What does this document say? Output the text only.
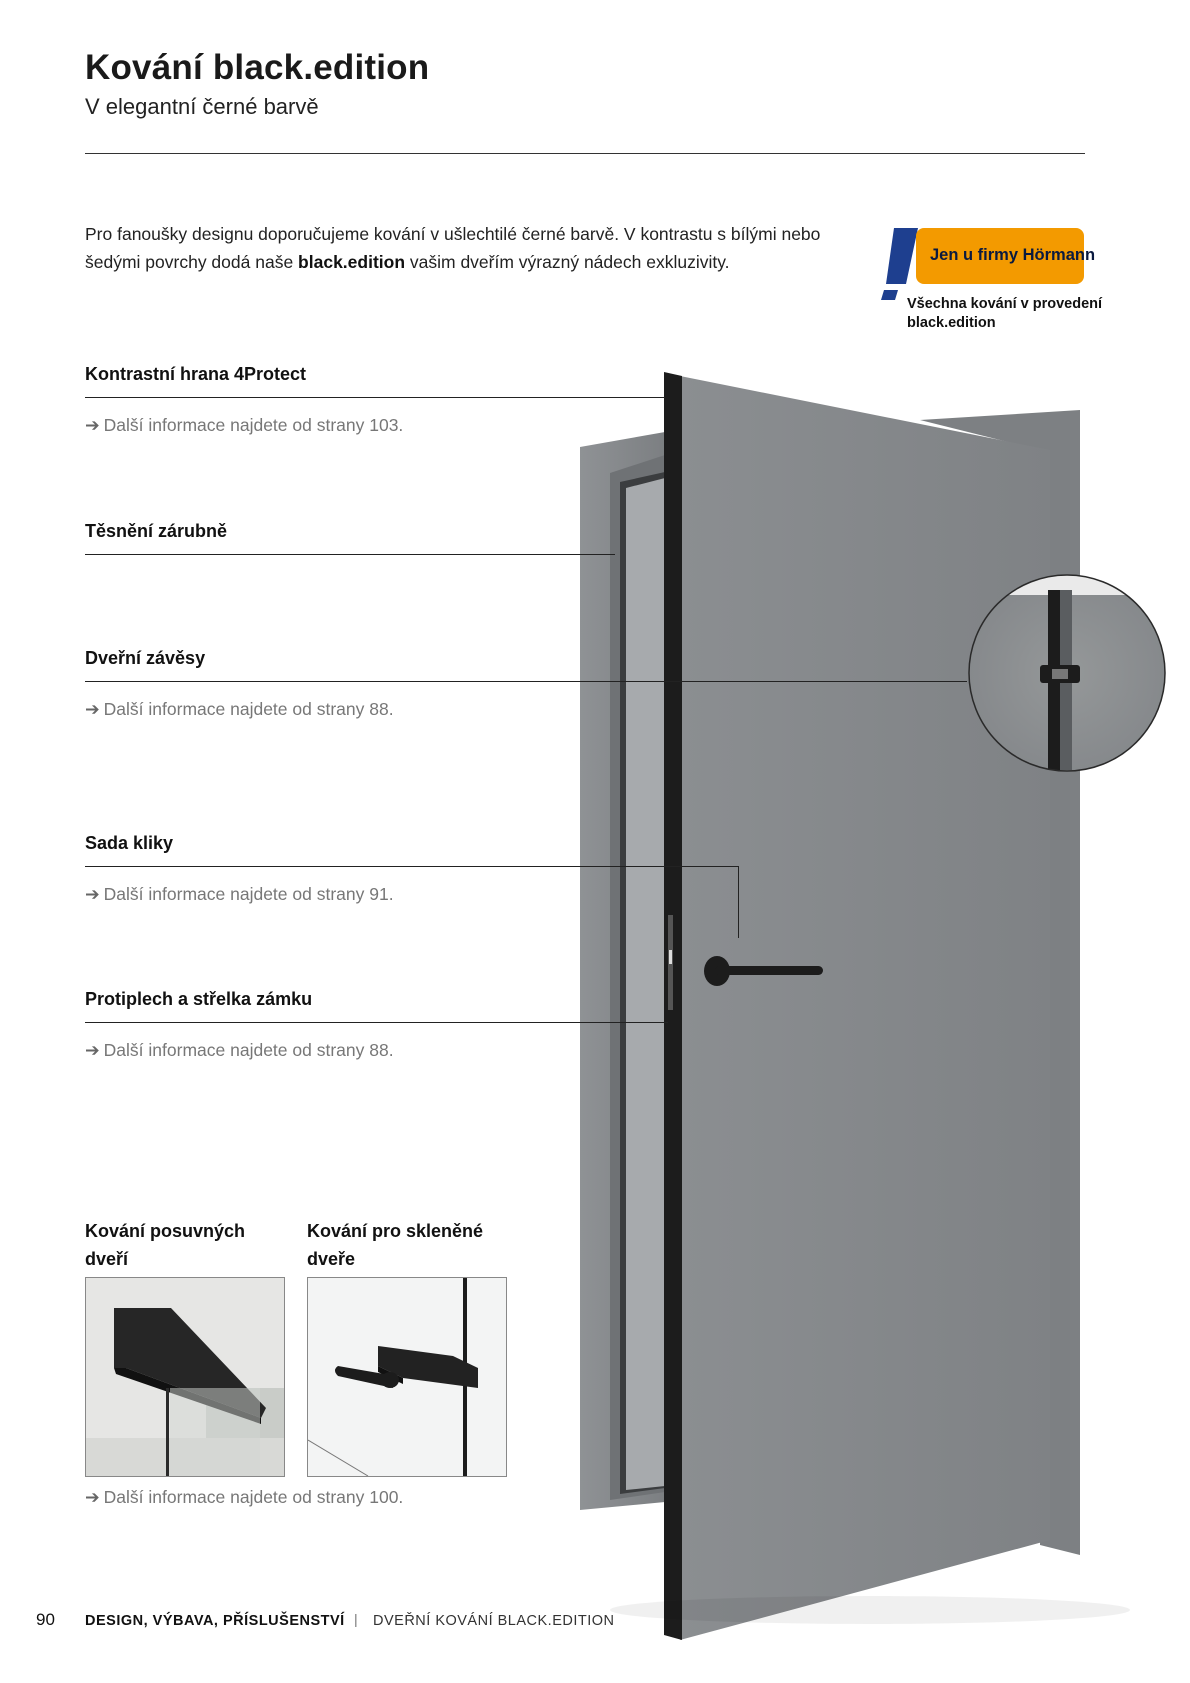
Kování black.edition
V elegantní černé barvě
Pro fanoušky designu doporučujeme kování v ušlechtilé černé barvě. V kontrastu s bílými nebo šedými povrchy dodá naše black.edition vašim dveřím výrazný nádech exkluzivity.	Jen u firmy Hörmann
Všechna kování v provedení black.edition
Kontrastní hrana 4Protect
➔ Další informace najdete od strany 103.
Těsnění zárubně
Dveřní závěsy
➔ Další informace najdete od strany 88.
Sada kliky
➔ Další informace najdete od strany 91.
Protiplech a střelka zámku
➔ Další informace najdete od strany 88.
Kování posuvných dveří
Kování pro skleněné dveře
➔ Další informace najdete od strany 100.
90 DESIGN, VÝBAVA, PŘÍSLUŠENSTVÍ | DVEŘNÍ KOVÁNÍ BLACK.EDITION
